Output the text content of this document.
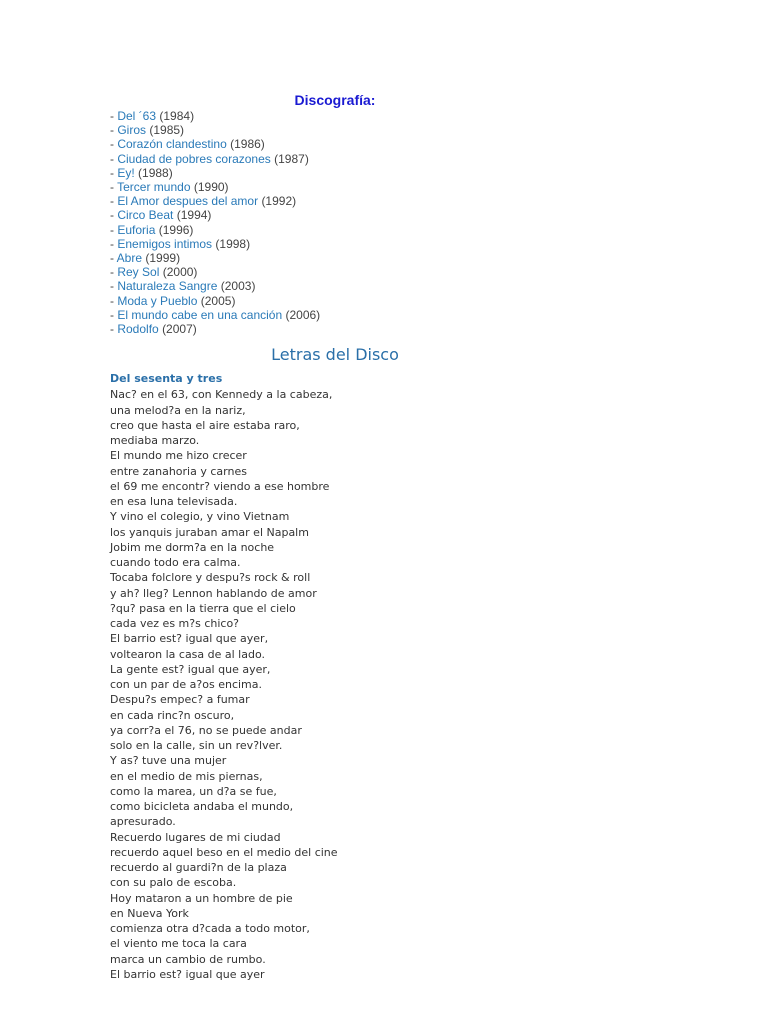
Discografía:
- Del ´63 (1984)
- Giros (1985)
- Corazón clandestino (1986)
- Ciudad de pobres corazones (1987)
- Ey! (1988)
- Tercer mundo (1990)
- El Amor despues del amor (1992)
- Circo Beat (1994)
- Euforia (1996)
- Enemigos intimos (1998)
- Abre (1999)
- Rey Sol (2000)
- Naturaleza Sangre (2003)
- Moda y Pueblo (2005)
- El mundo cabe en una canción (2006)
- Rodolfo (2007)
Letras del Disco
Del sesenta y tres
Nac? en el 63, con Kennedy a la cabeza,
una melod?a en la nariz,
creo que hasta el aire estaba raro,
mediaba marzo.
El mundo me hizo crecer
entre zanahoria y carnes
el 69 me encontr? viendo a ese hombre
en esa luna televisada.
Y vino el colegio, y vino Vietnam
los yanquis juraban amar el Napalm
Jobim me dorm?a en la noche
cuando todo era calma.
Tocaba folclore y despu?s rock & roll
y ah? lleg? Lennon hablando de amor
?qu? pasa en la tierra que el cielo
cada vez es m?s chico?
El barrio est? igual que ayer,
voltearon la casa de al lado.
La gente est? igual que ayer,
con un par de a?os encima.
Despu?s empec? a fumar
en cada rinc?n oscuro,
ya corr?a el 76, no se puede andar
solo en la calle, sin un rev?lver.
Y as? tuve una mujer
en el medio de mis piernas,
como la marea, un d?a se fue,
como bicicleta andaba el mundo,
apresurado.
Recuerdo lugares de mi ciudad
recuerdo aquel beso en el medio del cine
recuerdo al guardi?n de la plaza
con su palo de escoba.
Hoy mataron a un hombre de pie
en Nueva York
comienza otra d?cada a todo motor,
el viento me toca la cara
marca un cambio de rumbo.
El barrio est? igual que ayer
